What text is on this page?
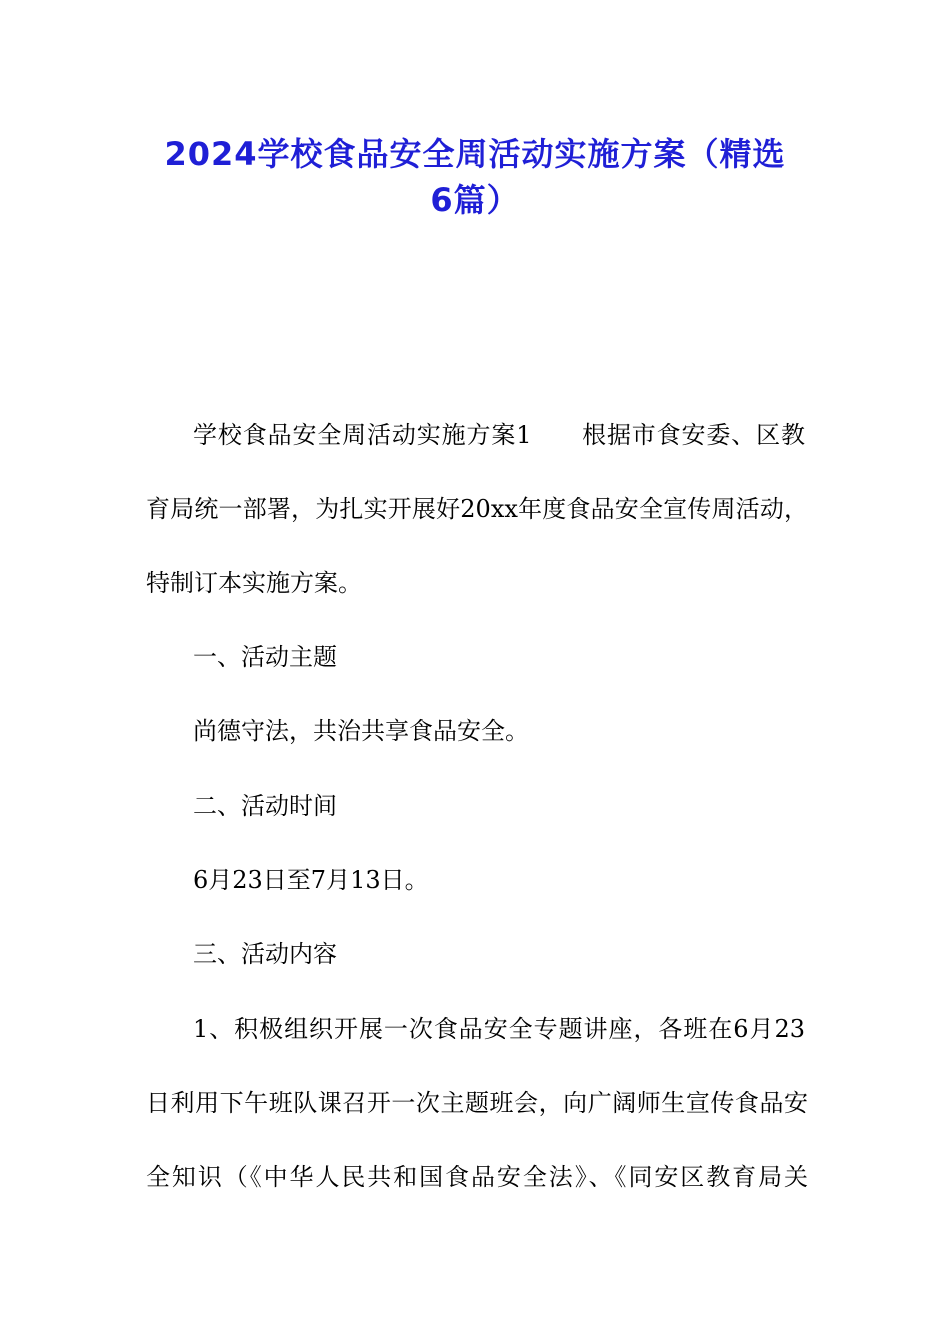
2024学校食品安全周活动实施方案（精选
6篇）

学校食品安全周活动实施方案1　　根据市食安委、区教

育局统一部署，为扎实开展好20xx年度食品安全宣传周活动，

特制订本实施方案。

一、活动主题

尚德守法，共治共享食品安全。

二、活动时间

6月23日至7月13日。

三、活动内容

1、积极组织开展一次食品安全专题讲座，各班在6月23

日利用下午班队课召开一次主题班会，向广阔师生宣传食品安

全知识（《中华人民共和国食品安全法》、《同安区教育局关
